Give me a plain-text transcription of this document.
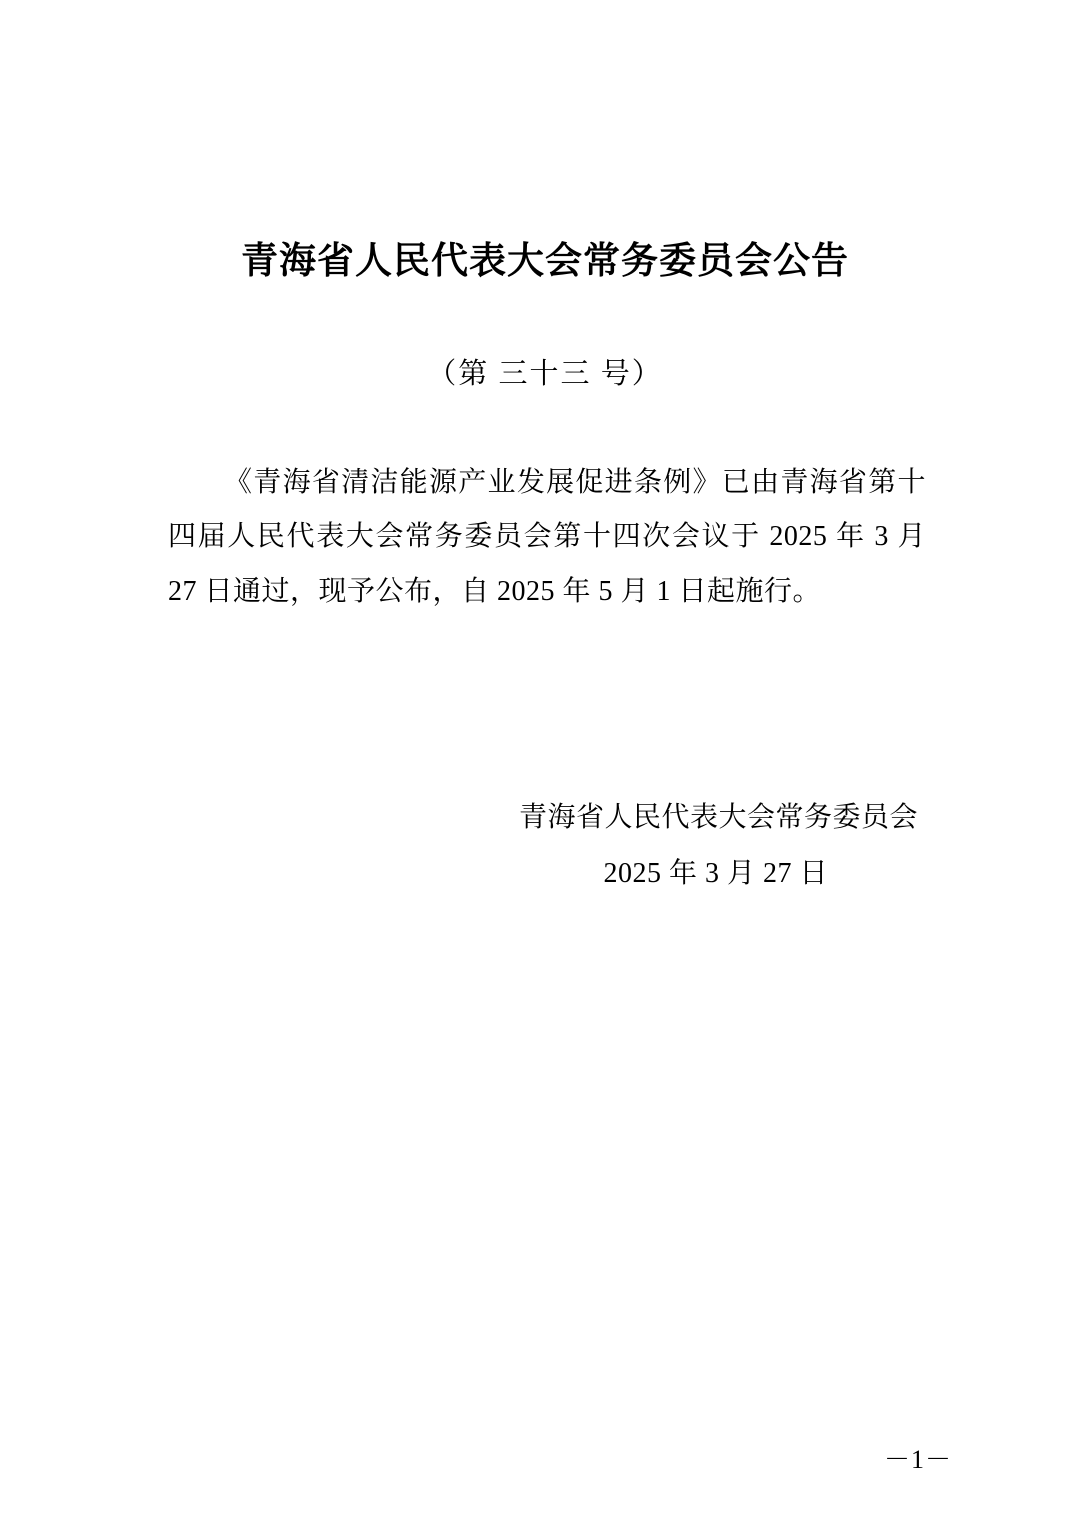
青海省人民代表大会常务委员会公告
（第 三十三 号）

《青海省清洁能源产业发展促进条例》已由青海省第十四届人民代表大会常务委员会第十四次会议于 2025 年 3 月 27 日通过，现予公布，自 2025 年 5 月 1 日起施行。

青海省人民代表大会常务委员会
2025 年 3 月 27 日
－1－
